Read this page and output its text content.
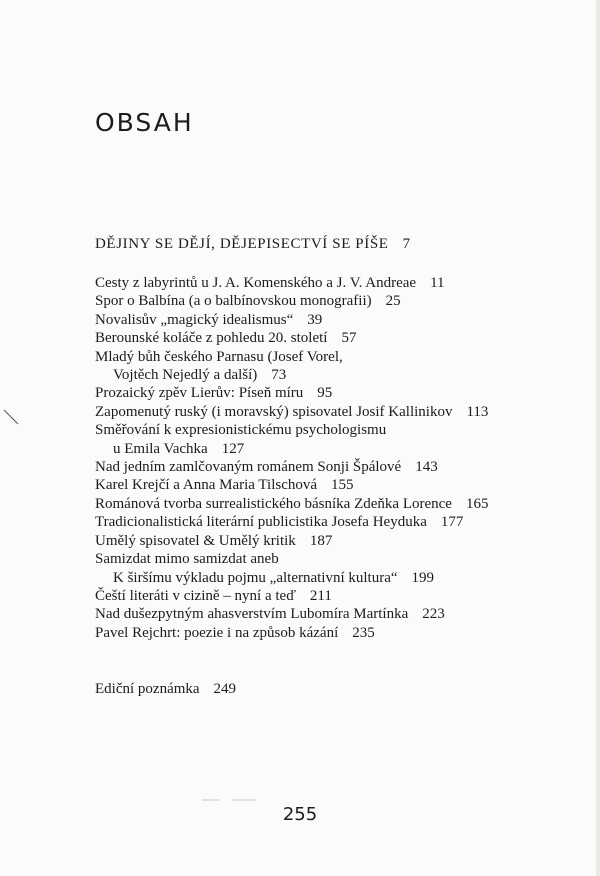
OBSAH
DĚJINY SE DĚJÍ, DĚJEPISECTVÍ SE PÍŠE 7
Cesty z labyrintů u J. A. Komenského a J. V. Andreae 11
Spor o Balbína (a o balbínovskou monografii) 25
Novalisův „magický idealismus“ 39
Berounské koláče z pohledu 20. století 57
Mladý bůh českého Parnasu (Josef Vorel,
Vojtěch Nejedlý a další) 73
Prozaický zpěv Lierův: Píseň míru 95
Zapomenutý ruský (i moravský) spisovatel Josif Kallinikov 113
Směřování k expresionistickému psychologismu
u Emila Vachka 127
Nad jedním zamlčovaným románem Sonji Špálové 143
Karel Krejčí a Anna Maria Tilschová 155
Románová tvorba surrealistického básníka Zdeňka Lorence 165
Tradicionalistická literární publicistika Josefa Heyduka 177
Umělý spisovatel & Umělý kritik 187
Samizdat mimo samizdat aneb
K širšímu výkladu pojmu „alternativní kultura“ 199
Čeští literáti v cizině – nyní a teď 211
Nad dušezpytným ahasverstvím Lubomíra Martínka 223
Pavel Rejchrt: poezie i na způsob kázání 235
Ediční poznámka 249
255
